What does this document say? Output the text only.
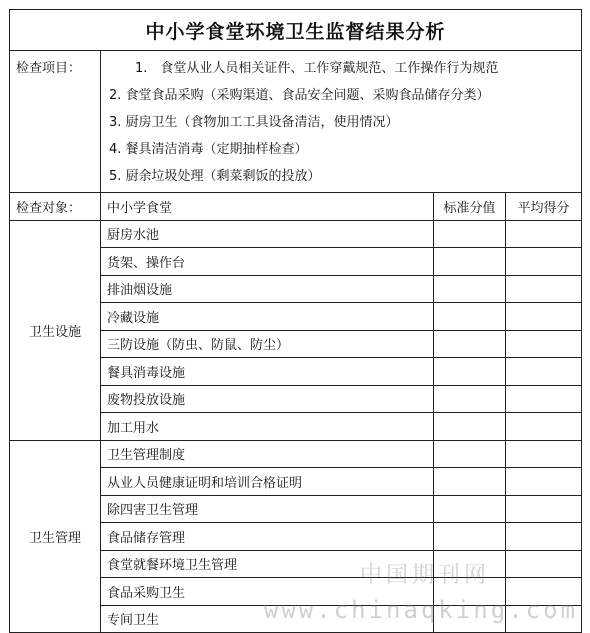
中小学食堂环境卫生监督结果分析			
检查项目：	1.　食堂从业人员相关证件、工作穿戴规范、工作操作行为规范
2. 食堂食品采购（采购渠道、食品安全问题、采购食品储存分类）
3. 厨房卫生（食物加工工具设备清洁，使用情况）
4. 餐具清洁消毒（定期抽样检查）
5. 厨余垃圾处理（剩菜剩饭的投放）		

检查对象：	中小学食堂	标准分值	平均得分
卫生设施	厨房水池		
	货架、操作台		
	排油烟设施		
	冷藏设施		
	三防设施（防虫、防鼠、防尘）		
	餐具消毒设施		
	废物投放设施		
	加工用水		
卫生管理	卫生管理制度		
	从业人员健康证明和培训合格证明		
	除四害卫生管理		
	食品储存管理		
	食堂就餐环境卫生管理		
	食品采购卫生		
	专间卫生		
中国期刊网
www.chinaqking.com
